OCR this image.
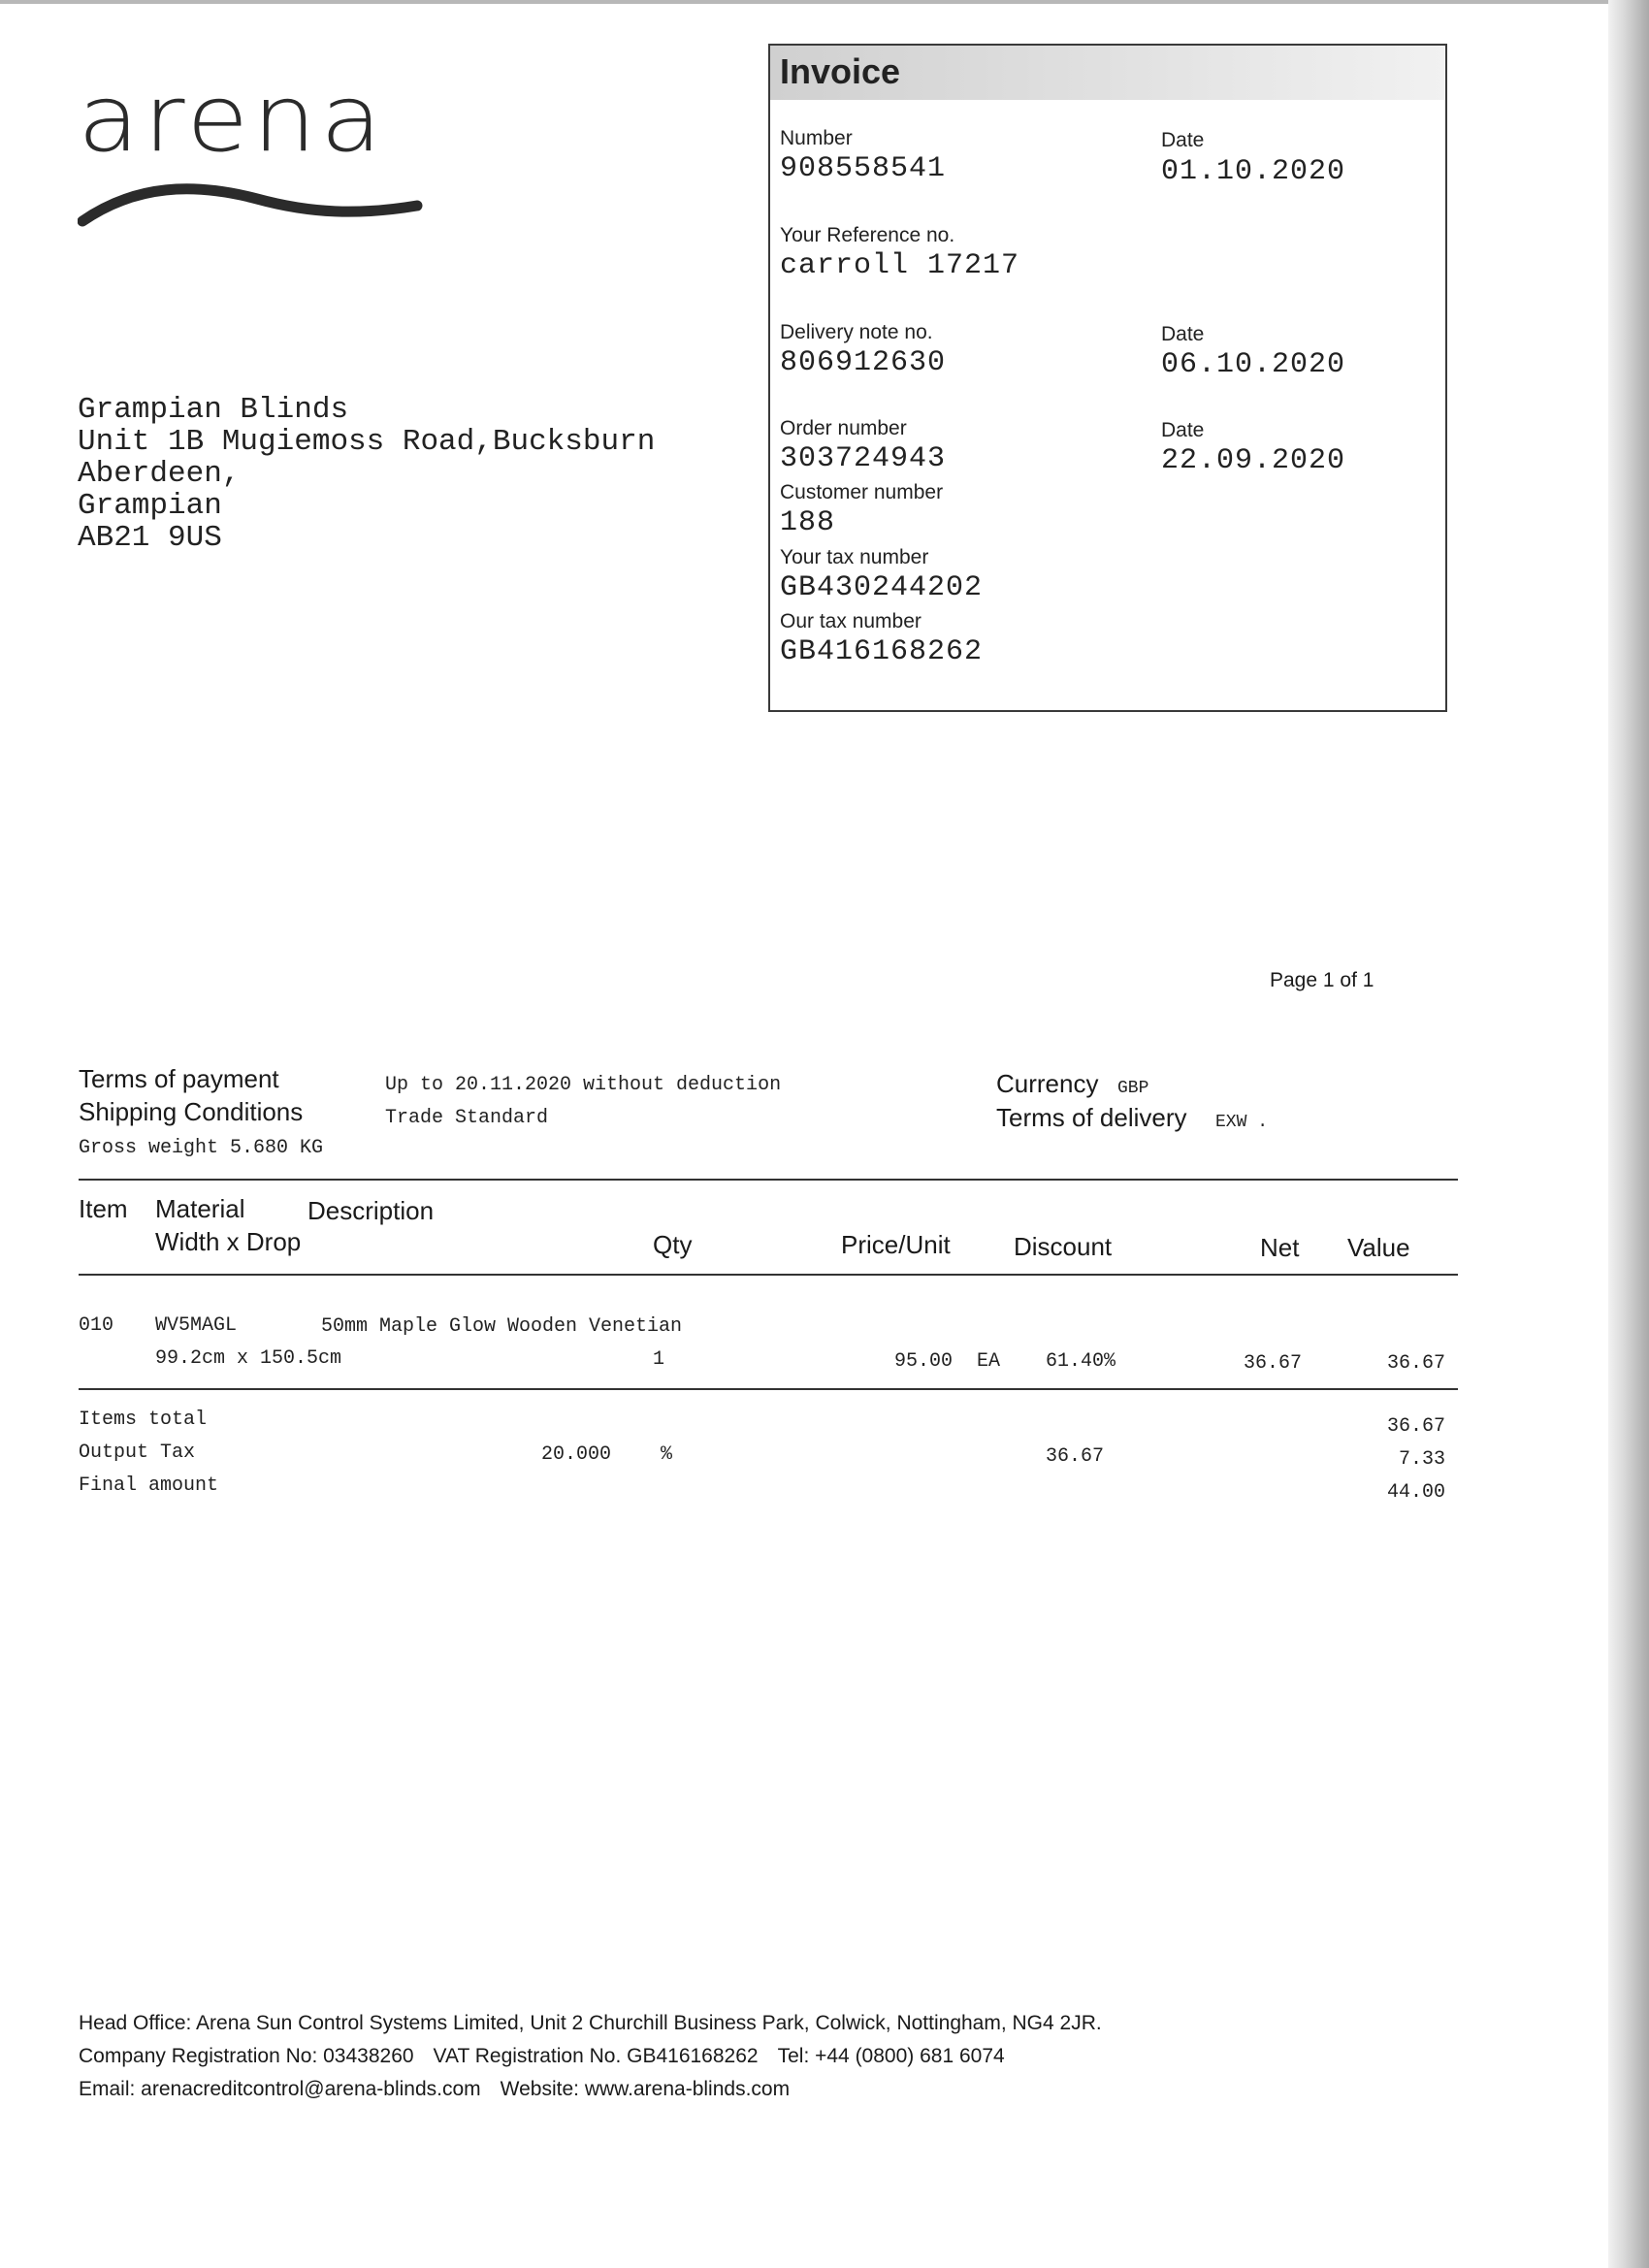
arena
Grampian Blinds
Unit 1B Mugiemoss Road,Bucksburn
Aberdeen,
Grampian
AB21 9US
Invoice
Number
908558541
Date
01.10.2020
Your Reference no.
carroll 17217
Delivery note no.
806912630
Date
06.10.2020
Order number
303724943
Date
22.09.2020
Customer number
188
Your tax number
GB430244202
Our tax number
GB416168262
Page 1 of 1
Terms of payment	Up to 20.11.2020 without deduction
Shipping Conditions	Trade Standard
Gross weight 5.680 KG
Currency GBP
Terms of delivery EXW .
Item Material Description
Width x Drop	Qty	Price/Unit	Discount	Net Value
010 WV5MAGL	50mm Maple Glow Wooden Venetian
99.2cm x 150.5cm	1	95.00 EA 61.40%	36.67	36.67
Items total	36.67
Output Tax	20.000	%	36.67	7.33
Final amount	44.00
Head Office: Arena Sun Control Systems Limited, Unit 2 Churchill Business Park, Colwick, Nottingham, NG4 2JR.
Company Registration No: 03438260 VAT Registration No. GB416168262 Tel: +44 (0800) 681 6074
Email: arenacreditcontrol@arena-blinds.com Website: www.arena-blinds.com
